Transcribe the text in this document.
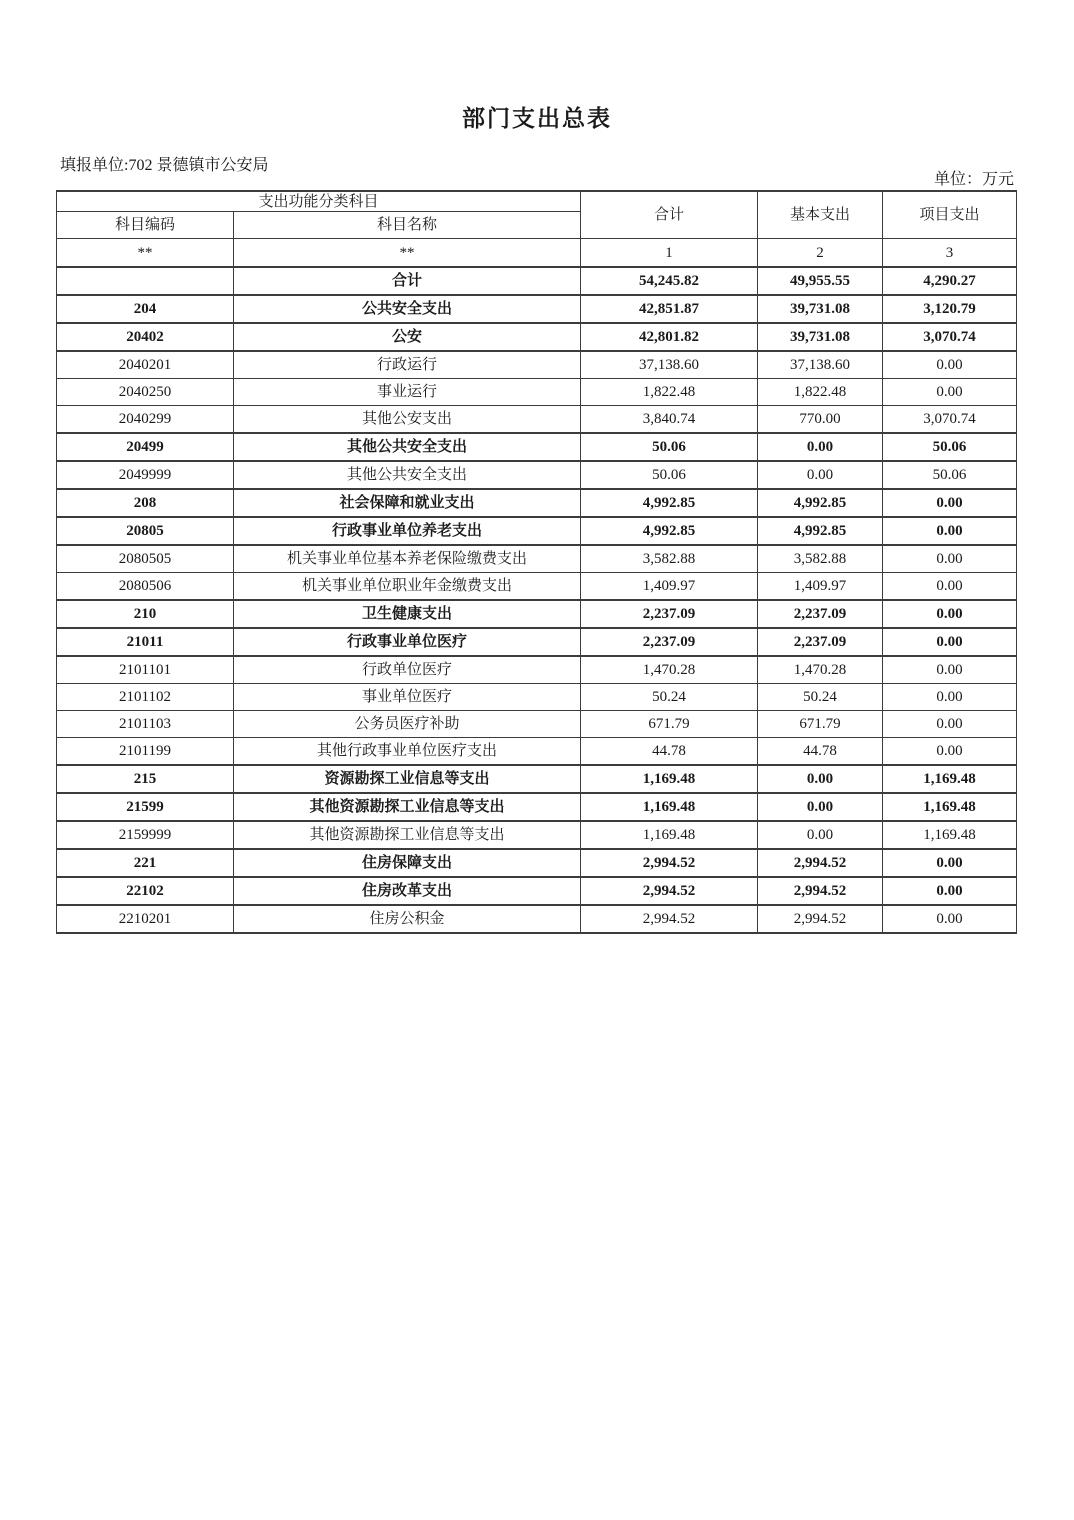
部门支出总表
填报单位:702 景德镇市公安局
单位：万元
支出功能分类科目		合计	基本支出	项目支出
科目编码	科目名称			
**	**	1	2	3
	合计	54,245.82	49,955.55	4,290.27
204	公共安全支出	42,851.87	39,731.08	3,120.79
20402	公安	42,801.82	39,731.08	3,070.74
2040201	行政运行	37,138.60	37,138.60	0.00
2040250	事业运行	1,822.48	1,822.48	0.00
2040299	其他公安支出	3,840.74	770.00	3,070.74
20499	其他公共安全支出	50.06	0.00	50.06
2049999	其他公共安全支出	50.06	0.00	50.06
208	社会保障和就业支出	4,992.85	4,992.85	0.00
20805	行政事业单位养老支出	4,992.85	4,992.85	0.00
2080505	机关事业单位基本养老保险缴费支出	3,582.88	3,582.88	0.00
2080506	机关事业单位职业年金缴费支出	1,409.97	1,409.97	0.00
210	卫生健康支出	2,237.09	2,237.09	0.00
21011	行政事业单位医疗	2,237.09	2,237.09	0.00
2101101	行政单位医疗	1,470.28	1,470.28	0.00
2101102	事业单位医疗	50.24	50.24	0.00
2101103	公务员医疗补助	671.79	671.79	0.00
2101199	其他行政事业单位医疗支出	44.78	44.78	0.00
215	资源勘探工业信息等支出	1,169.48	0.00	1,169.48
21599	其他资源勘探工业信息等支出	1,169.48	0.00	1,169.48
2159999	其他资源勘探工业信息等支出	1,169.48	0.00	1,169.48
221	住房保障支出	2,994.52	2,994.52	0.00
22102	住房改革支出	2,994.52	2,994.52	0.00
2210201	住房公积金	2,994.52	2,994.52	0.00
